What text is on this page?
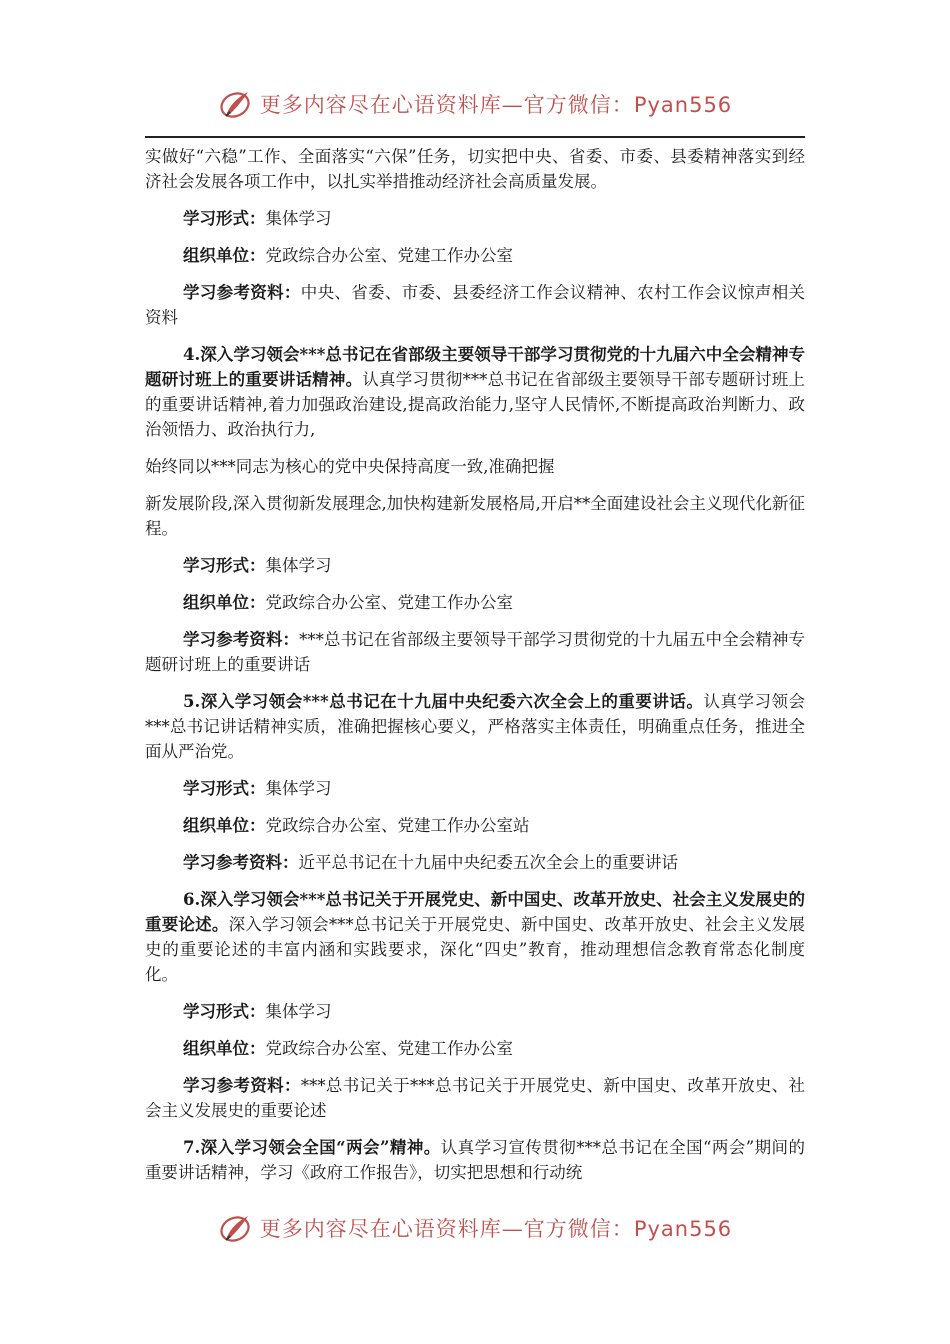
更多内容尽在心语资料库—官方微信：Pyan556

实做好“六稳”工作、全面落实“六保”任务，切实把中央、省委、市委、县委精神落实到经济社会发展各项工作中，以扎实举措推动经济社会高质量发展。

学习形式：集体学习

组织单位：党政综合办公室、党建工作办公室

学习参考资料：中央、省委、市委、县委经济工作会议精神、农村工作会议惊声相关资料

4.深入学习领会***总书记在省部级主要领导干部学习贯彻党的十九届六中全会精神专题研讨班上的重要讲话精神。认真学习贯彻***总书记在省部级主要领导干部专题研讨班上的重要讲话精神,着力加强政治建设,提高政治能力,坚守人民情怀,不断提高政治判断力、政治领悟力、政治执行力,

始终同以***同志为核心的党中央保持高度一致,准确把握

新发展阶段,深入贯彻新发展理念,加快构建新发展格局,开启**全面建设社会主义现代化新征程。

学习形式：集体学习

组织单位：党政综合办公室、党建工作办公室

学习参考资料：***总书记在省部级主要领导干部学习贯彻党的十九届五中全会精神专题研讨班上的重要讲话

5.深入学习领会***总书记在十九届中央纪委六次全会上的重要讲话。认真学习领会***总书记讲话精神实质，准确把握核心要义，严格落实主体责任，明确重点任务，推进全面从严治党。

学习形式：集体学习

组织单位：党政综合办公室、党建工作办公室站

学习参考资料：近平总书记在十九届中央纪委五次全会上的重要讲话

6.深入学习领会***总书记关于开展党史、新中国史、改革开放史、社会主义发展史的重要论述。深入学习领会***总书记关于开展党史、新中国史、改革开放史、社会主义发展史的重要论述的丰富内涵和实践要求，深化“四史”教育，推动理想信念教育常态化制度化。

学习形式：集体学习

组织单位：党政综合办公室、党建工作办公室

学习参考资料：***总书记关于***总书记关于开展党史、新中国史、改革开放史、社会主义发展史的重要论述

7.深入学习领会全国“两会”精神。认真学习宣传贯彻***总书记在全国“两会”期间的重要讲话精神，学习《政府工作报告》，切实把思想和行动统

更多内容尽在心语资料库—官方微信：Pyan556
